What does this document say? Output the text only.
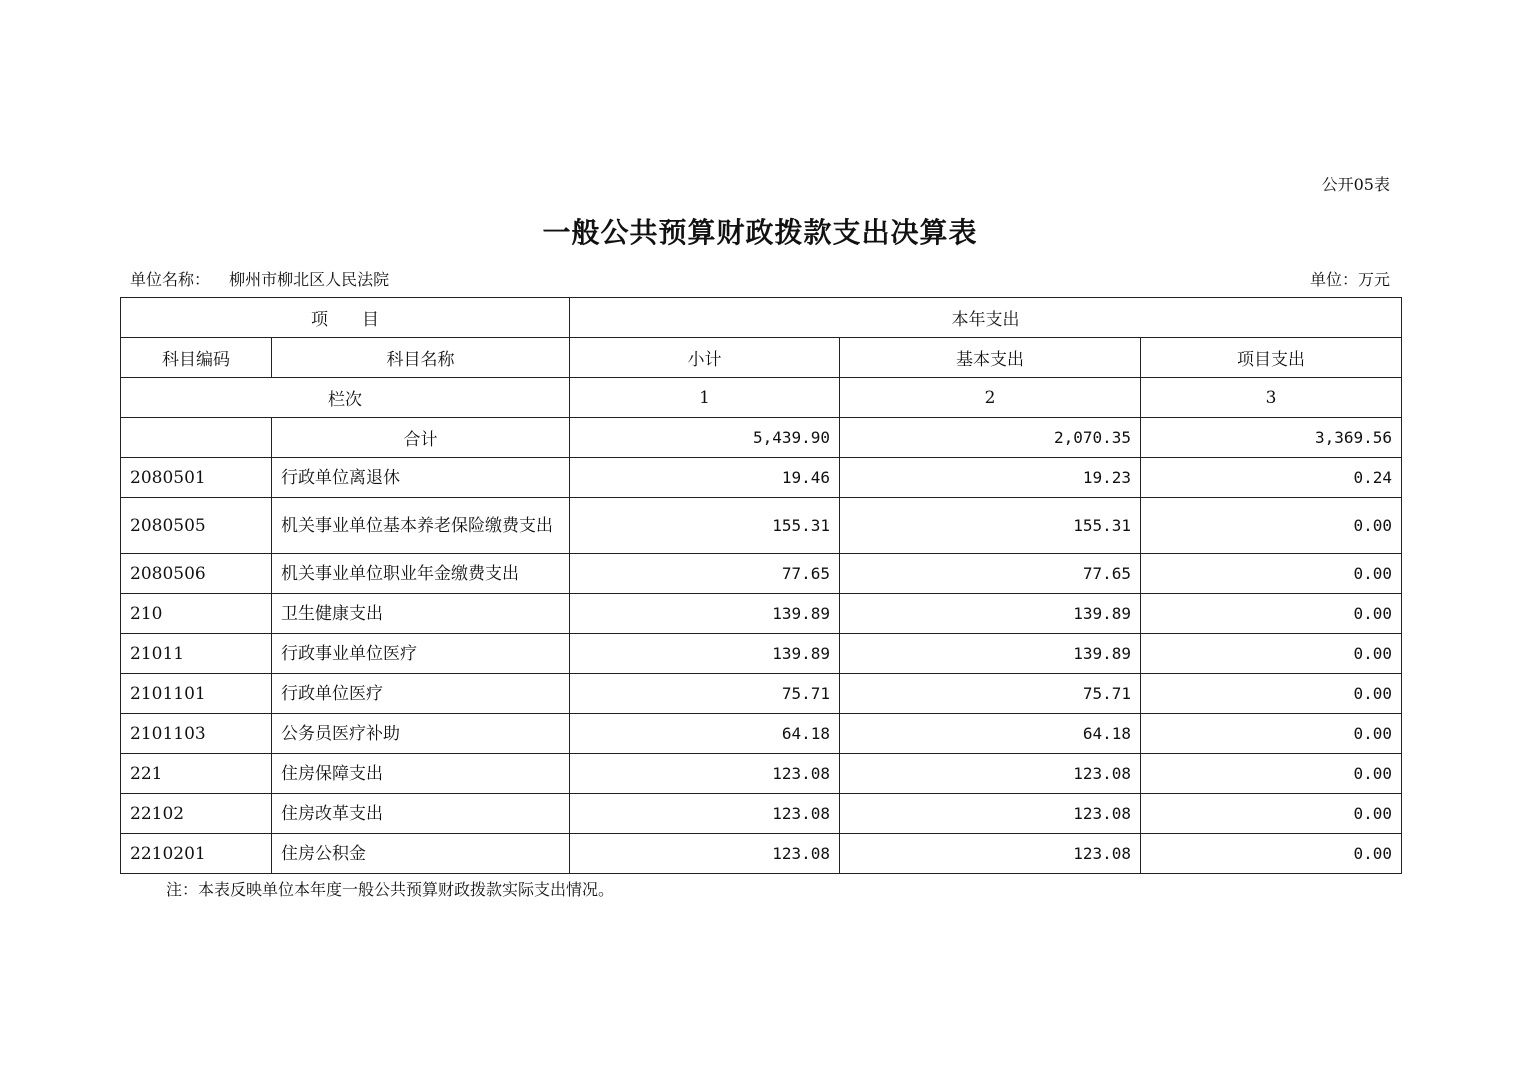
公开05表
一般公共预算财政拨款支出决算表
单位名称： 柳州市柳北区人民法院	单位：万元
项　　目		本年支出		
科目编码	科目名称	小计	基本支出	项目支出
栏次		1	2	3
	合计	5,439.90	2,070.35	3,369.56
2080501	行政单位离退休	19.46	19.23	0.24
2080505	机关事业单位基本养老保险缴费支出	155.31	155.31	0.00
2080506	机关事业单位职业年金缴费支出	77.65	77.65	0.00
210	卫生健康支出	139.89	139.89	0.00
21011	行政事业单位医疗	139.89	139.89	0.00
2101101	行政单位医疗	75.71	75.71	0.00
2101103	公务员医疗补助	64.18	64.18	0.00
221	住房保障支出	123.08	123.08	0.00
22102	住房改革支出	123.08	123.08	0.00
2210201	住房公积金	123.08	123.08	0.00
注：本表反映单位本年度一般公共预算财政拨款实际支出情况。
